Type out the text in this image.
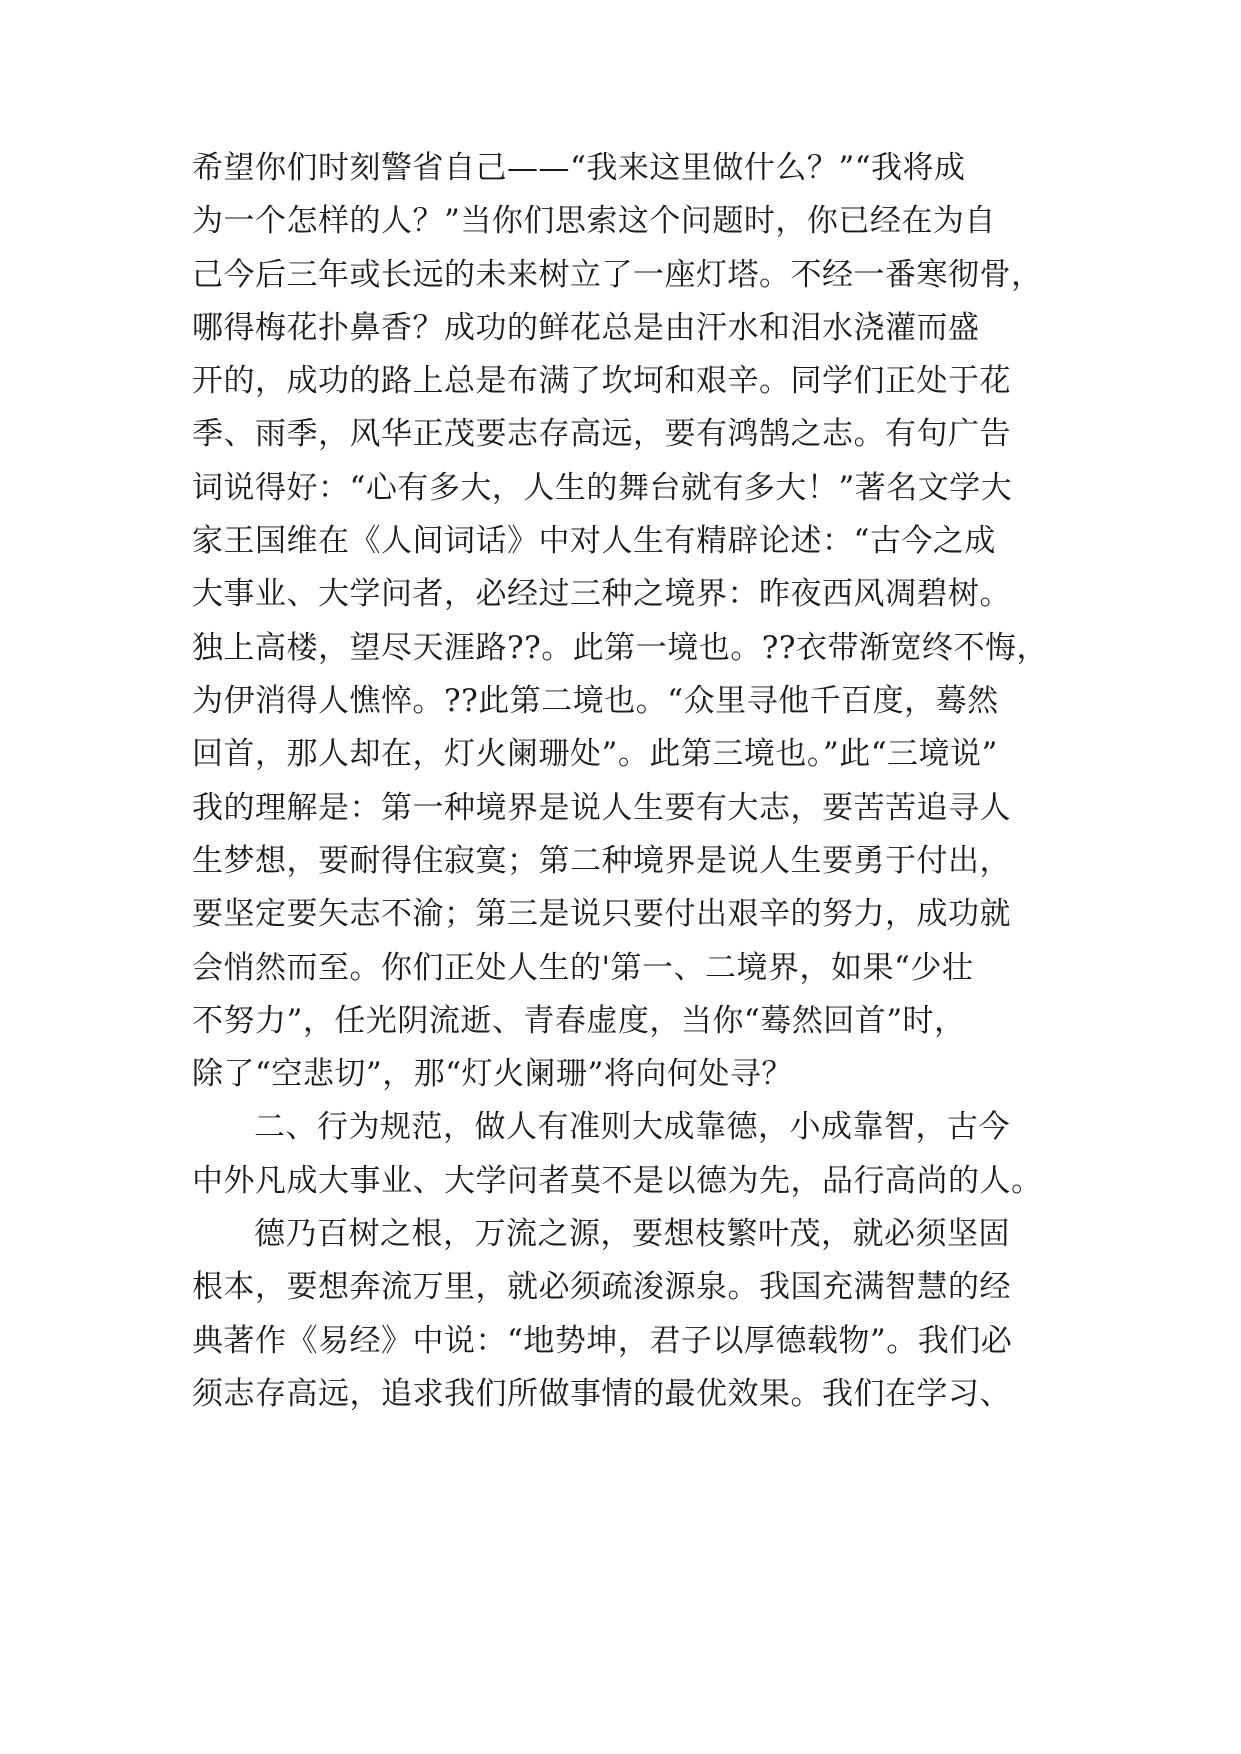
希望你们时刻警省自己——“我来这里做什么？”“我将成
为一个怎样的人？”当你们思索这个问题时，你已经在为自
己今后三年或长远的未来树立了一座灯塔。不经一番寒彻骨，
哪得梅花扑鼻香？成功的鲜花总是由汗水和泪水浇灌而盛
开的，成功的路上总是布满了坎坷和艰辛。同学们正处于花
季、雨季，风华正茂要志存高远，要有鸿鹄之志。有句广告
词说得好：“心有多大，人生的舞台就有多大！”著名文学大
家王国维在《人间词话》中对人生有精辟论述：“古今之成
大事业、大学问者，必经过三种之境界：昨夜西风凋碧树。
独上高楼，望尽天涯路??。此第一境也。??衣带渐宽终不悔，
为伊消得人憔悴。??此第二境也。“众里寻他千百度，蓦然
回首，那人却在，灯火阑珊处”。此第三境也。”此“三境说”
我的理解是：第一种境界是说人生要有大志，要苦苦追寻人
生梦想，要耐得住寂寞；第二种境界是说人生要勇于付出，
要坚定要矢志不渝；第三是说只要付出艰辛的努力，成功就
会悄然而至。你们正处人生的'第一、二境界，如果“少壮
不努力”，任光阴流逝、青春虚度，当你“蓦然回首”时，
除了“空悲切”，那“灯火阑珊”将向何处寻？
二、行为规范，做人有准则大成靠德，小成靠智，古今
中外凡成大事业、大学问者莫不是以德为先，品行高尚的人。
德乃百树之根，万流之源，要想枝繁叶茂，就必须坚固
根本，要想奔流万里，就必须疏浚源泉。我国充满智慧的经
典著作《易经》中说：“地势坤，君子以厚德载物”。我们必
须志存高远，追求我们所做事情的最优效果。我们在学习、
